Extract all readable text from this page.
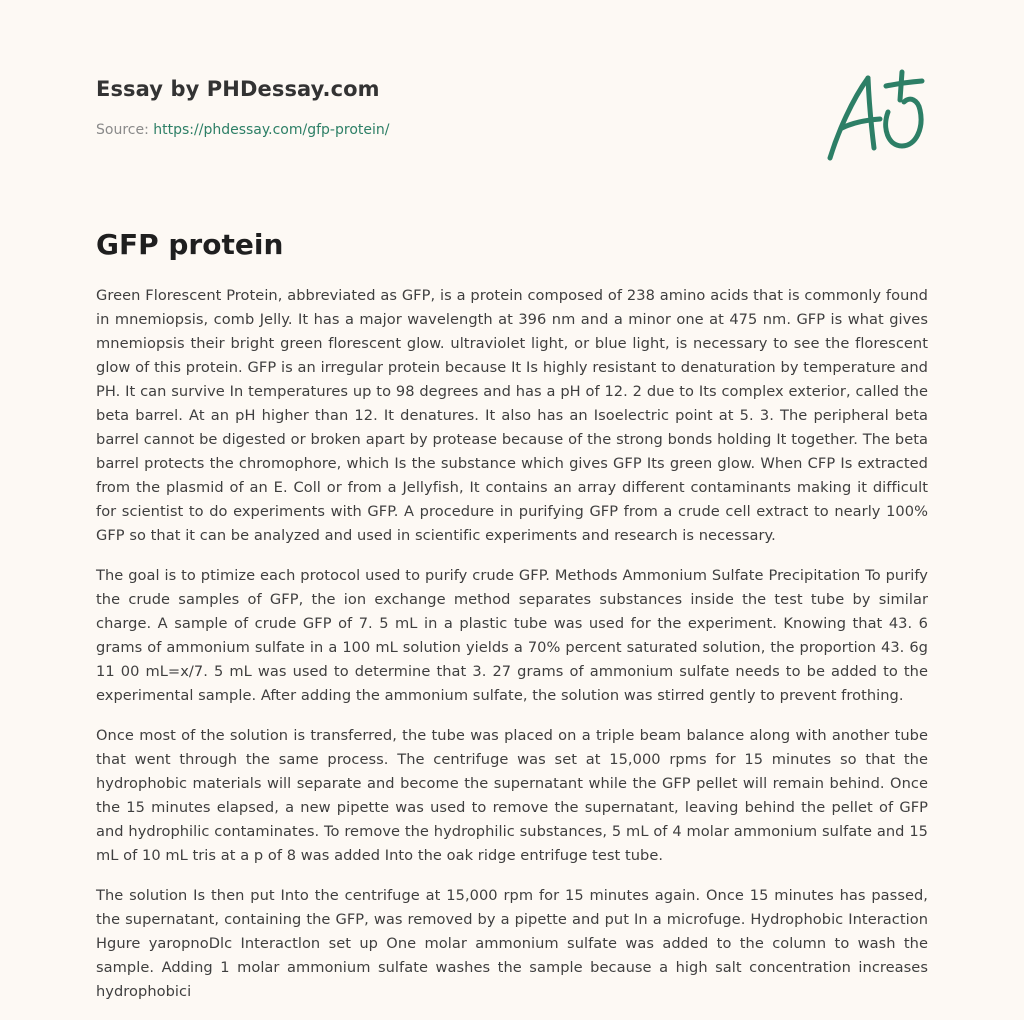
Essay by PHDessay.com
Source: https://phdessay.com/gfp-protein/
GFP protein

Green Florescent Protein, abbreviated as GFP, is a protein composed of 238 amino acids that is commonly found in mnemiopsis, comb Jelly. It has a major wavelength at 396 nm and a minor one at 475 nm. GFP is what gives mnemiopsis their bright green florescent glow. ultraviolet light, or blue light, is necessary to see the florescent glow of this protein. GFP is an irregular protein because It Is highly resistant to denaturation by temperature and PH. It can survive In temperatures up to 98 degrees and has a pH of 12. 2 due to Its complex exterior, called the beta barrel. At an pH higher than 12. It denatures. It also has an Isoelectric point at 5. 3. The peripheral beta barrel cannot be digested or broken apart by protease because of the strong bonds holding It together. The beta barrel protects the chromophore, which Is the substance which gives GFP Its green glow. When CFP Is extracted from the plasmid of an E. Coll or from a Jellyfish, It contains an array different contaminants making it difficult for scientist to do experiments with GFP. A procedure in purifying GFP from a crude cell extract to nearly 100% GFP so that it can be analyzed and used in scientific experiments and research is necessary.

The goal is to ptimize each protocol used to purify crude GFP. Methods Ammonium Sulfate Precipitation To purify the crude samples of GFP, the ion exchange method separates substances inside the test tube by similar charge. A sample of crude GFP of 7. 5 mL in a plastic tube was used for the experiment. Knowing that 43. 6 grams of ammonium sulfate in a 100 mL solution yields a 70% percent saturated solution, the proportion 43. 6g 11 00 mL=x/7. 5 mL was used to determine that 3. 27 grams of ammonium sulfate needs to be added to the experimental sample. After adding the ammonium sulfate, the solution was stirred gently to prevent frothing.

Once most of the solution is transferred, the tube was placed on a triple beam balance along with another tube that went through the same process. The centrifuge was set at 15,000 rpms for 15 minutes so that the hydrophobic materials will separate and become the supernatant while the GFP pellet will remain behind. Once the 15 minutes elapsed, a new pipette was used to remove the supernatant, leaving behind the pellet of GFP and hydrophilic contaminates. To remove the hydrophilic substances, 5 mL of 4 molar ammonium sulfate and 15 mL of 10 mL tris at a p of 8 was added Into the oak ridge entrifuge test tube.

The solution Is then put Into the centrifuge at 15,000 rpm for 15 minutes again. Once 15 minutes has passed, the supernatant, containing the GFP, was removed by a pipette and put In a microfuge. Hydrophobic Interaction Hgure yaropnoDlc Interactlon set up One molar ammonium sulfate was added to the column to wash the sample. Adding 1 molar ammonium sulfate washes the sample because a high salt concentration increases hydrophobici
